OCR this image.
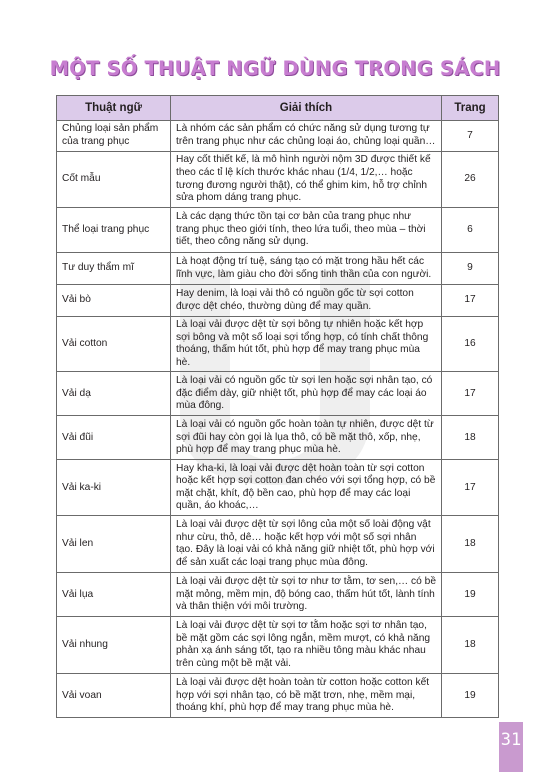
MỘT SỐ THUẬT NGỮ DÙNG TRONG SÁCH
Thuật ngữ	Giải thích	Trang
Chủng loại sản phẩm của trang phục	Là nhóm các sản phẩm có chức năng sử dụng tương tự trên trang phục như các chủng loại áo, chủng loại quần…	7
Cốt mẫu	Hay cốt thiết kế, là mô hình người nộm 3D được thiết kế theo các tỉ lệ kích thước khác nhau (1/4, 1/2,… hoặc tương đương người thật), có thể ghim kim, hỗ trợ chỉnh sửa phom dáng trang phục.	26
Thể loại trang phục	Là các dạng thức tồn tại cơ bản của trang phục như trang phục theo giới tính, theo lứa tuổi, theo mùa – thời tiết, theo công năng sử dụng.	6
Tư duy thẩm mĩ	Là hoạt động trí tuệ, sáng tạo có mặt trong hầu hết các lĩnh vực, làm giàu cho đời sống tinh thần của con người.	9
Vải bò	Hay denim, là loại vải thô có nguồn gốc từ sợi cotton được dệt chéo, thường dùng để may quần.	17
Vải cotton	Là loại vải được dệt từ sợi bông tự nhiên hoặc kết hợp sợi bông và một số loại sợi tổng hợp, có tính chất thông thoáng, thấm hút tốt, phù hợp để may trang phục mùa hè.	16
Vải dạ	Là loại vải có nguồn gốc từ sợi len hoặc sợi nhân tạo, có đặc điểm dày, giữ nhiệt tốt, phù hợp để may các loại áo mùa đông.	17
Vải đũi	Là loại vải có nguồn gốc hoàn toàn tự nhiên, được dệt từ sợi đũi hay còn gọi là lụa thô, có bề mặt thô, xốp, nhẹ, phù hợp để may trang phục mùa hè.	18
Vải ka-ki	Hay kha-ki, là loại vải được dệt hoàn toàn từ sợi cotton hoặc kết hợp sợi cotton đan chéo với sợi tổng hợp, có bề mặt chặt, khít, độ bền cao, phù hợp để may các loại quần, áo khoác,…	17
Vải len	Là loại vải được dệt từ sợi lông của một số loài động vật như cừu, thỏ, dê… hoặc kết hợp với một số sợi nhân tạo. Đây là loại vải có khả năng giữ nhiệt tốt, phù hợp với để sản xuất các loại trang phục mùa đông.	18
Vải lụa	Là loại vải được dệt từ sợi tơ như tơ tằm, tơ sen,… có bề mặt mỏng, mềm mịn, độ bóng cao, thấm hút tốt, lành tính và thân thiện với môi trường.	19
Vải nhung	Là loại vải được dệt từ sợi tơ tằm hoặc sợi tơ nhân tạo, bề mặt gồm các sợi lông ngắn, mềm mượt, có khả năng phản xạ ánh sáng tốt, tạo ra nhiều tông màu khác nhau trên cùng một bề mặt vải.	18
Vải voan	Là loại vải được dệt hoàn toàn từ cotton hoặc cotton kết hợp với sợi nhân tạo, có bề mặt trơn, nhẹ, mềm mại, thoáng khí, phù hợp để may trang phục mùa hè.	19
31
